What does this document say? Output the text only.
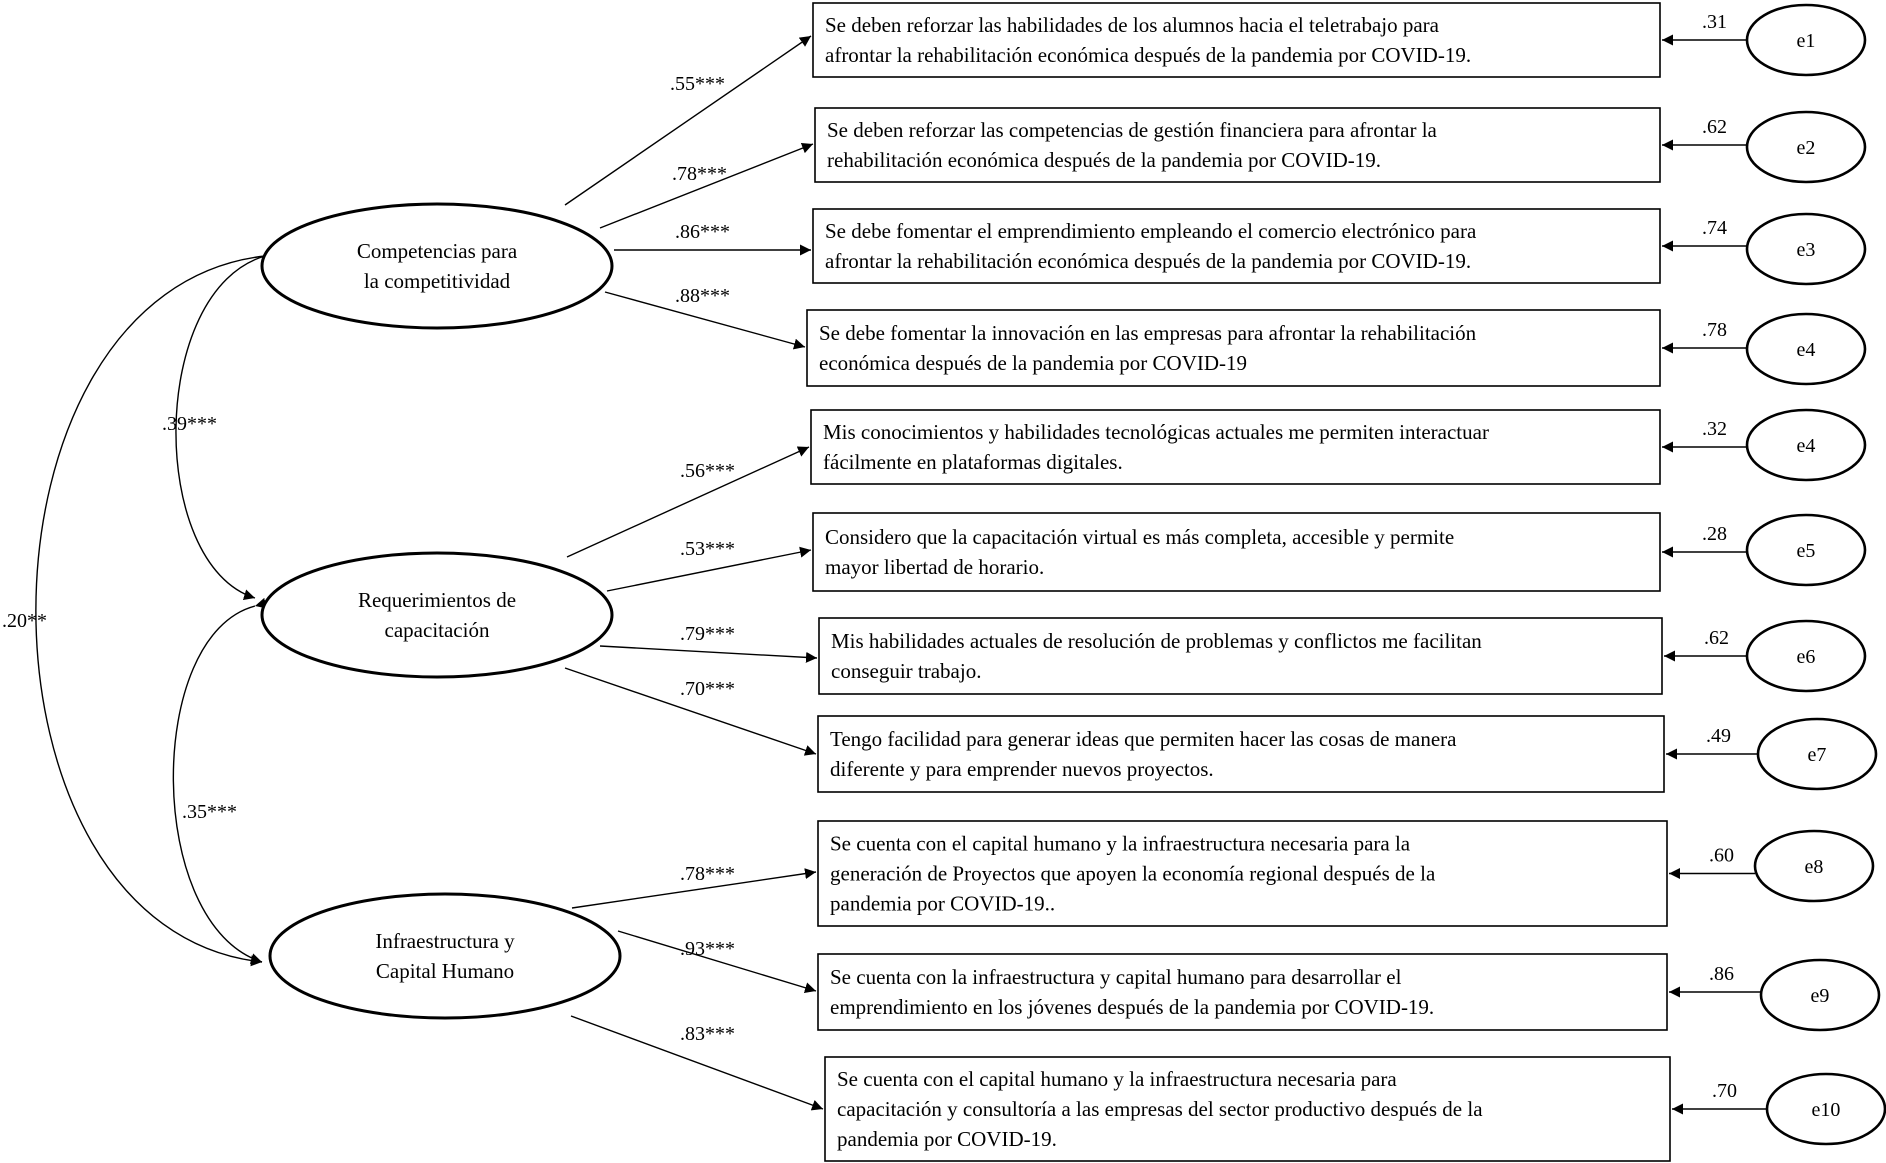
.39***
.35***
.20**
.55***
.31
.78***
.62
.86***	.74
.88***
.78
.56***
.32
.53***
.28
.79***	.62
.70***
.49
.78***
.60
.93***
.86
.83***
.70
Competencias para
la competitividad
Requerimientos de
capacitación
Infraestructura y
Capital Humano
Se deben reforzar las habilidades de los alumnos hacia el teletrabajo para
afrontar la rehabilitación económica después de la pandemia por COVID-19.
e1
Se deben reforzar las competencias de gestión financiera para afrontar la
rehabilitación económica después de la pandemia por COVID-19.	e2
Se debe fomentar el emprendimiento empleando el comercio electrónico para
afrontar la rehabilitación económica después de la pandemia por COVID-19.	e3
Se debe fomentar la innovación en las empresas para afrontar la rehabilitación
económica después de la pandemia por COVID-19
e4
Mis conocimientos y habilidades tecnológicas actuales me permiten interactuar
fácilmente en plataformas digitales.
e4
Considero que la capacitación virtual es más completa, accesible y permite
mayor libertad de horario.
e5
Mis habilidades actuales de resolución de problemas y conflictos me facilitan
conseguir trabajo.
e6
Tengo facilidad para generar ideas que permiten hacer las cosas de manera
diferente y para emprender nuevos proyectos.
e7
Se cuenta con el capital humano y la infraestructura necesaria para la
generación de Proyectos que apoyen la economía regional después de la
pandemia por COVID-19..
e8
Se cuenta con la infraestructura y capital humano para desarrollar el
emprendimiento en los jóvenes después de la pandemia por COVID-19.	e9
Se cuenta con el capital humano y la infraestructura necesaria para
capacitación y consultoría a las empresas del sector productivo después de la
pandemia por COVID-19.
e10
